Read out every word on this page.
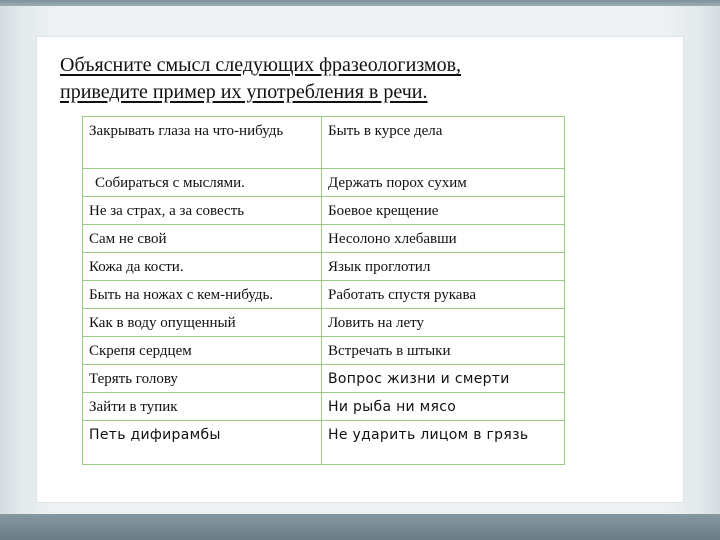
Объясните смысл следующих фразеологизмов,
приведите пример их употребления в речи.
Закрывать глаза на что-нибудь	Быть в курсе дела
Собираться с мыслями.	Держать порох сухим
Не за страх, а за совесть	Боевое крещение
Сам не свой	Несолоно хлебавши
Кожа да кости.	Язык проглотил
Быть на ножах с кем-нибудь.	Работать спустя рукава
Как в воду опущенный	Ловить на лету
Скрепя сердцем	Встречать в штыки
Терять голову	Вопрос жизни и смерти
Зайти в тупик	Ни рыба ни мясо
Петь дифирамбы	Не ударить лицом в грязь
